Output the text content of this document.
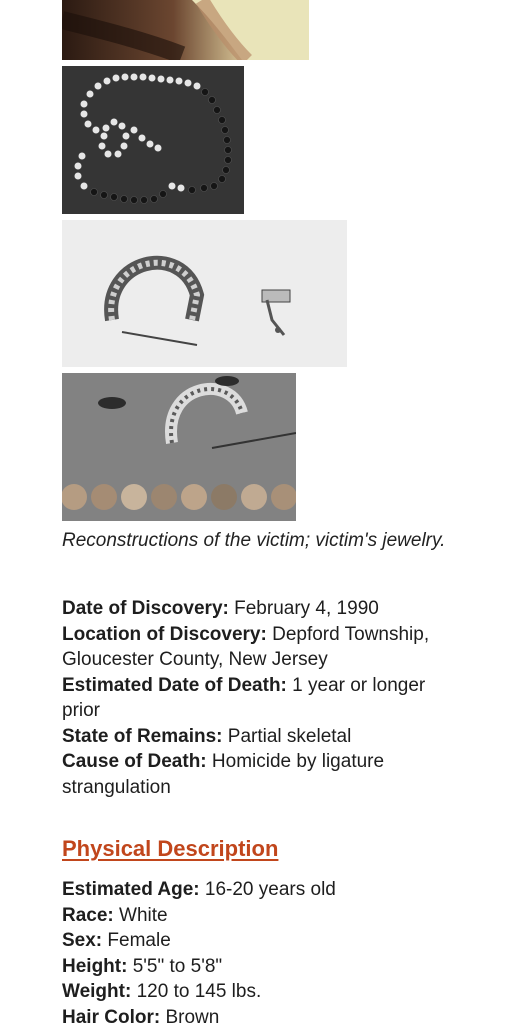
Reconstructions of the victim; victim's jewelry.

Date of Discovery: February 4, 1990

Location of Discovery: Depford Township, Gloucester County, New Jersey

Estimated Date of Death: 1 year or longer prior

State of Remains: Partial skeletal

Cause of Death: Homicide by ligature strangulation

Physical Description

Estimated Age: 16-20 years old

Race: White

Sex: Female

Height: 5'5" to 5'8"

Weight: 120 to 145 lbs.

Hair Color: Brown
